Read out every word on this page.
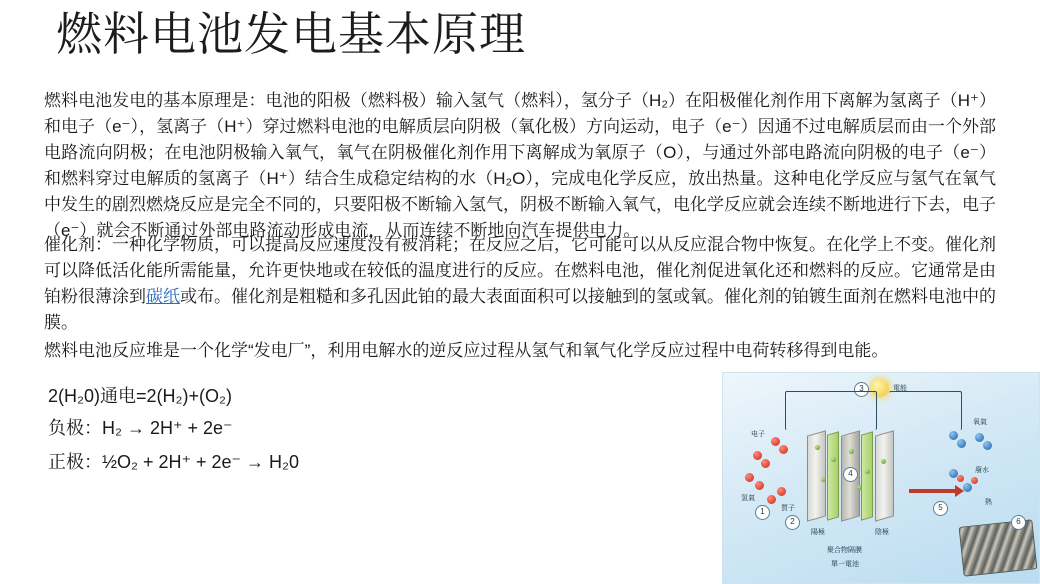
燃料电池发电基本原理
燃料电池发电的基本原理是：电池的阳极（燃料极）输入氢气（燃料），氢分子（H₂）在阳极催化剂作用下离解为氢离子（H⁺）和电子（e⁻），氢离子（H⁺）穿过燃料电池的电解质层向阴极（氧化极）方向运动，电子（e⁻）因通不过电解质层而由一个外部电路流向阴极；在电池阴极输入氧气，氧气在阴极催化剂作用下离解成为氧原子（O），与通过外部电路流向阴极的电子（e⁻）和燃料穿过电解质的氢离子（H⁺）结合生成稳定结构的水（H₂O），完成电化学反应，放出热量。这种电化学反应与氢气在氧气中发生的剧烈燃烧反应是完全不同的，只要阳极不断输入氢气，阴极不断输入氧气，电化学反应就会连续不断地进行下去，电子（e⁻）就会不断通过外部电路流动形成电流，从而连续不断地向汽车提供电力。
催化剂：一种化学物质，可以提高反应速度没有被消耗；在反应之后，它可能可以从反应混合物中恢复。在化学上不变。催化剂可以降低活化能所需能量，允许更快地或在较低的温度进行的反应。在燃料电池，催化剂促进氧化还和燃料的反应。它通常是由铂粉很薄涂到碳纸或布。催化剂是粗糙和多孔因此铂的最大表面面积可以接触到的氢或氧。催化剂的铂镀生面剂在燃料电池中的膜。
燃料电池反应堆是一个化学“发电厂”，利用电解水的逆反应过程从氢气和氧气化学反应过程中电荷转移得到电能。
2(H₂0)通电=2(H₂)+(O₂)
负极：H₂ → 2H⁺ + 2e⁻
正极：½O₂ + 2H⁺ + 2e⁻ → H₂0
電能
3
电子
4
氢氣
1	質子
2
氧氣
廢水
熱
5
陽極	陰極
聚合物隔膜
單一電池
6
